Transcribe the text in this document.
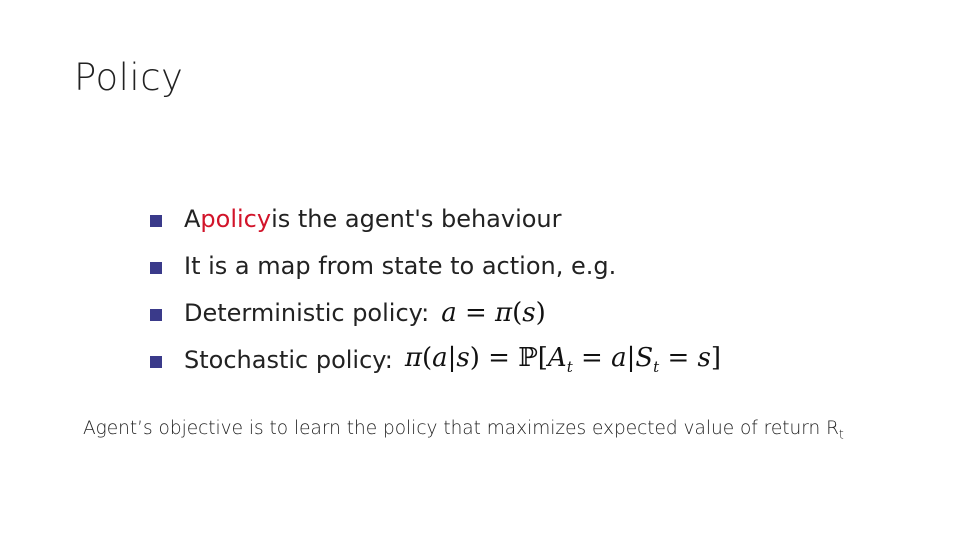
Policy
A policy is the agent's behaviour
It is a map from state to action, e.g.
Deterministic policy: a = π(s)
Stochastic policy: $\pi(a|s) = ℙ[A_t = a|S_t = s]$
Agent’s objective is to learn the policy that maximizes expected value of return $R_t$
